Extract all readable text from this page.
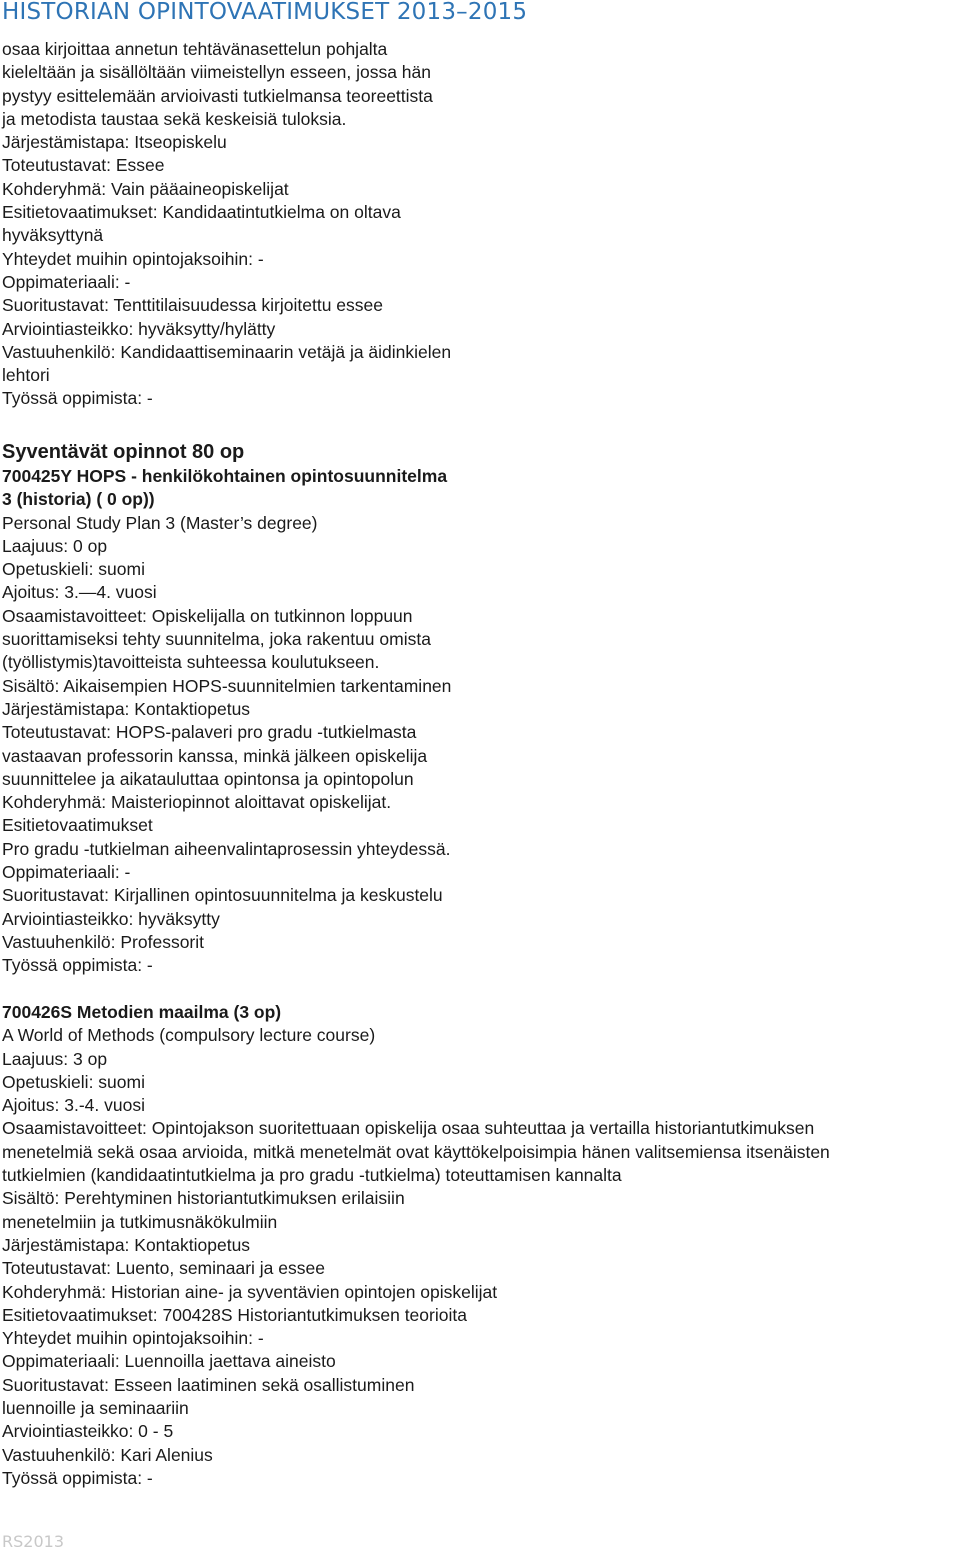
HISTORIAN OPINTOVAATIMUKSET 2013–2015
osaa kirjoittaa annetun tehtävänasettelun pohjalta
kieleltään ja sisällöltään viimeistellyn esseen, jossa hän
pystyy esittelemään arvioivasti tutkielmansa teoreettista
ja metodista taustaa sekä keskeisiä tuloksia.
Järjestämistapa: Itseopiskelu
Toteutustavat: Essee
Kohderyhmä: Vain pääaineopiskelijat
Esitietovaatimukset: Kandidaatintutkielma on oltava
hyväksyttynä
Yhteydet muihin opintojaksoihin: -
Oppimateriaali: -
Suoritustavat: Tenttitilaisuudessa kirjoitettu essee
Arviointiasteikko: hyväksytty/hylätty
Vastuuhenkilö: Kandidaattiseminaarin vetäjä ja äidinkielen
lehtori
Työssä oppimista: -
Syventävät opinnot 80 op
700425Y HOPS - henkilökohtainen opintosuunnitelma
3 (historia) ( 0 op))
Personal Study Plan 3 (Master’s degree)
Laajuus: 0 op
Opetuskieli: suomi
Ajoitus: 3.—4. vuosi
Osaamistavoitteet: Opiskelijalla on tutkinnon loppuun
suorittamiseksi tehty suunnitelma, joka rakentuu omista
(työllistymis)tavoitteista suhteessa koulutukseen.
Sisältö: Aikaisempien HOPS-suunnitelmien tarkentaminen
Järjestämistapa: Kontaktiopetus
Toteutustavat: HOPS-palaveri pro gradu -tutkielmasta
vastaavan professorin kanssa, minkä jälkeen opiskelija
suunnittelee ja aikatauluttaa opintonsa ja opintopolun
Kohderyhmä: Maisteriopinnot aloittavat opiskelijat.
Esitietovaatimukset
Pro gradu -tutkielman aiheenvalintaprosessin yhteydessä.
Oppimateriaali: -
Suoritustavat: Kirjallinen opintosuunnitelma ja keskustelu
Arviointiasteikko: hyväksytty
Vastuuhenkilö: Professorit
Työssä oppimista: -
700426S Metodien maailma (3 op)
A World of Methods (compulsory lecture course)
Laajuus: 3 op
Opetuskieli: suomi
Ajoitus: 3.-4. vuosi
Osaamistavoitteet: Opintojakson suoritettuaan opiskelija osaa suhteuttaa ja vertailla historiantutkimuksen
menetelmiä sekä osaa arvioida, mitkä menetelmät ovat käyttökelpoisimpia hänen valitsemiensa itsenäisten
tutkielmien (kandidaatintutkielma ja pro gradu -tutkielma) toteuttamisen kannalta
Sisältö: Perehtyminen historiantutkimuksen erilaisiin
menetelmiin ja tutkimusnäkökulmiin
Järjestämistapa: Kontaktiopetus
Toteutustavat: Luento, seminaari ja essee
Kohderyhmä: Historian aine- ja syventävien opintojen opiskelijat
Esitietovaatimukset: 700428S Historiantutkimuksen teorioita
Yhteydet muihin opintojaksoihin: -
Oppimateriaali: Luennoilla jaettava aineisto
Suoritustavat: Esseen laatiminen sekä osallistuminen
luennoille ja seminaariin
Arviointiasteikko: 0 - 5
Vastuuhenkilö: Kari Alenius
Työssä oppimista: -
RS2013
